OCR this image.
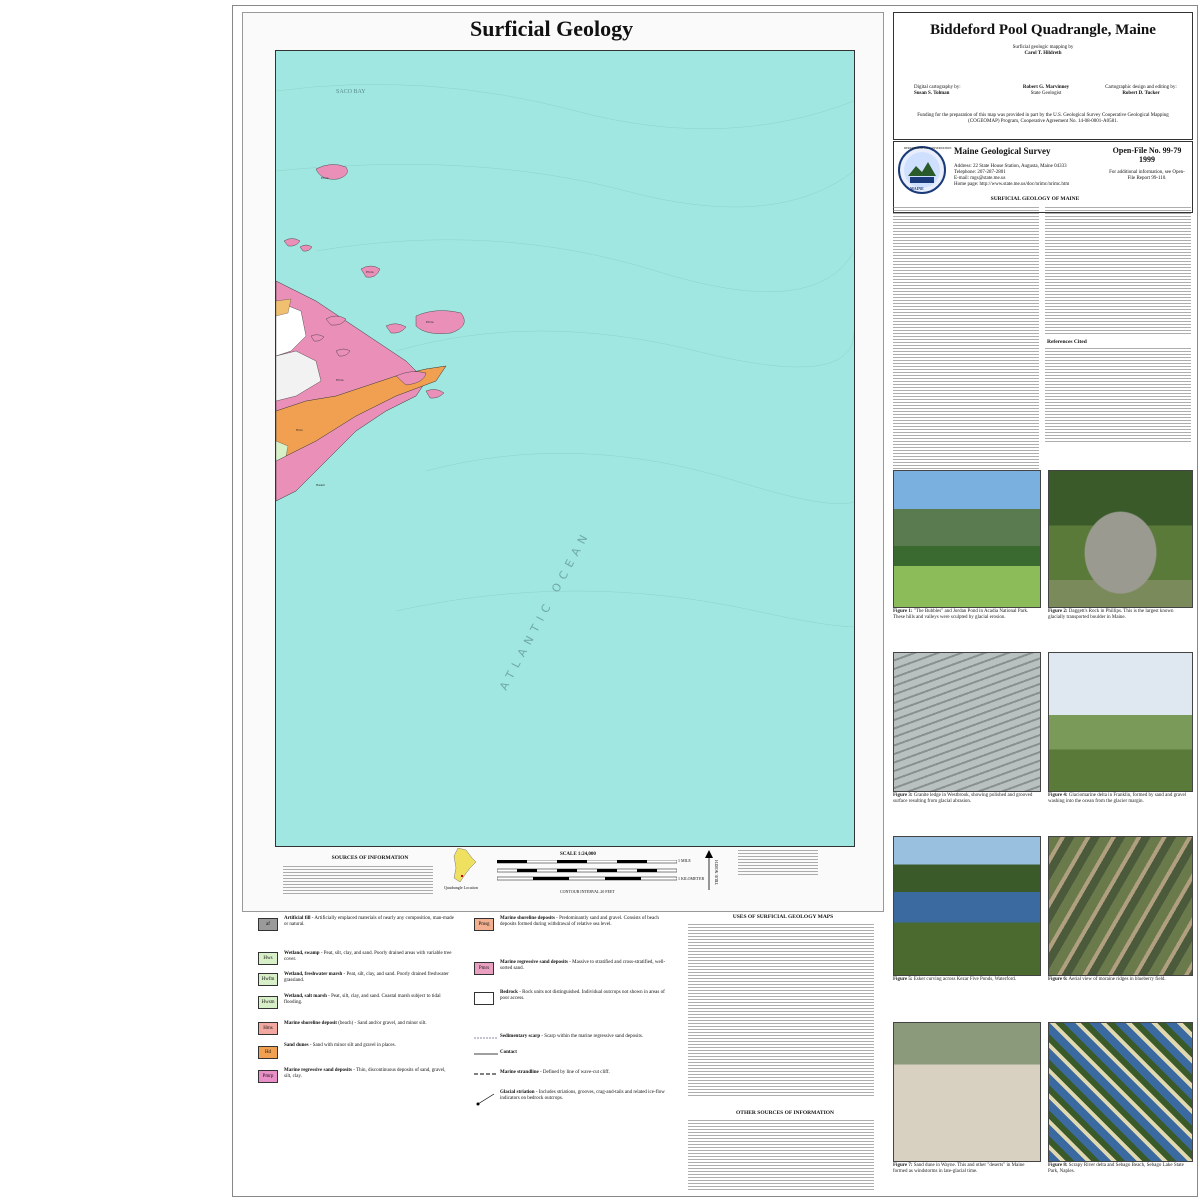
Surficial Geology
SACO BAY
Pmrs
Pmrs
Pmrs
Pmrs
Hms
Hwsm
ATLANTIC OCEAN
SOURCES OF INFORMATION
Quadrangle Location
SCALE 1:24,000
1 MILE
1 KILOMETER
CONTOUR INTERVAL 20 FEET
TRUE NORTH
Biddeford Pool Quadrangle, Maine
Surficial geologic mapping by
Carol T. Hildreth
Digital cartography by:
Susan S. Tolman
Robert G. Marvinney
State Geologist
Cartographic design and editing by:
Robert D. Tucker
Funding for the preparation of this map was provided in part by the U.S. Geological Survey Cooperative Geological Mapping (COGEOMAP) Program, Cooperative Agreement No. 14-08-0001-A0581.
DEPARTMENT OF CONSERVATION
MAINE
Maine Geological Survey
Address: 22 State House Station, Augusta, Maine 04333
Telephone: 207-287-2801
E-mail: mgs@state.me.us
Home page: http://www.state.me.us/doc/nrimc/nrimc.htm
Open-File No. 99-79
1999
For additional information, see Open-File Report 99-110.
SURFICIAL GEOLOGY OF MAINE
References Cited
Figure 1: "The Bubbles" and Jordan Pond in Acadia National Park. These hills and valleys were sculpted by glacial erosion.
Figure 2: Daggett's Rock in Phillips. This is the largest known glacially transported boulder in Maine.
Figure 3: Granite ledge in Westbrook, showing polished and grooved surface resulting from glacial abrasion.
Figure 4: Glaciomarine delta in Franklin, formed by sand and gravel washing into the ocean from the glacier margin.
Figure 5: Esker curving across Kezar Five Ponds, Waterford.	Figure 6: Aerial view of moraine ridges in blueberry field.
Figure 7: Sand dune in Wayne. This and other "deserts" in Maine formed as windstorms in late-glacial time.
Figure 8: Scrapy River delta and Sebago Beach, Sebago Lake State Park, Naples.
af
Artificial fill - Artificially emplaced materials of nearly any composition, man-made or natural.
Hws
Wetland, swamp - Peat, silt, clay, and sand. Poorly drained areas with variable tree cover.
Hwfm
Wetland, freshwater marsh - Peat, silt, clay, and sand. Poorly drained freshwater grassland.
Hwsm
Wetland, salt marsh - Peat, silt, clay, and sand. Coastal marsh subject to tidal flooding.
Hms
Marine shoreline deposit (beach) - Sand and/or gravel, and minor silt.
Hd
Sand dunes - Sand with minor silt and gravel in places.
Pmrp
Marine regressive sand deposits - Thin, discontinuous deposits of sand, gravel, silt, clay.
Pmsg
Marine shoreline deposits - Predominantly sand and gravel. Consists of beach deposits formed during withdrawal of relative sea level.
Pmrs
Marine regressive sand deposits - Massive to stratified and cross-stratified, well-sorted sand.
Bedrock - Rock units not distinguished. Individual outcrops not shown in areas of poor access.
Sedimentary scarp - Scarp within the marine regressive sand deposits.
Contact
Marine strandline - Defined by line of wave-cut cliff.
Glacial striation - Includes striations, grooves, crag-and-tails and related ice-flow indicators on bedrock outcrops.
USES OF SURFICIAL GEOLOGY MAPS
OTHER SOURCES OF INFORMATION
